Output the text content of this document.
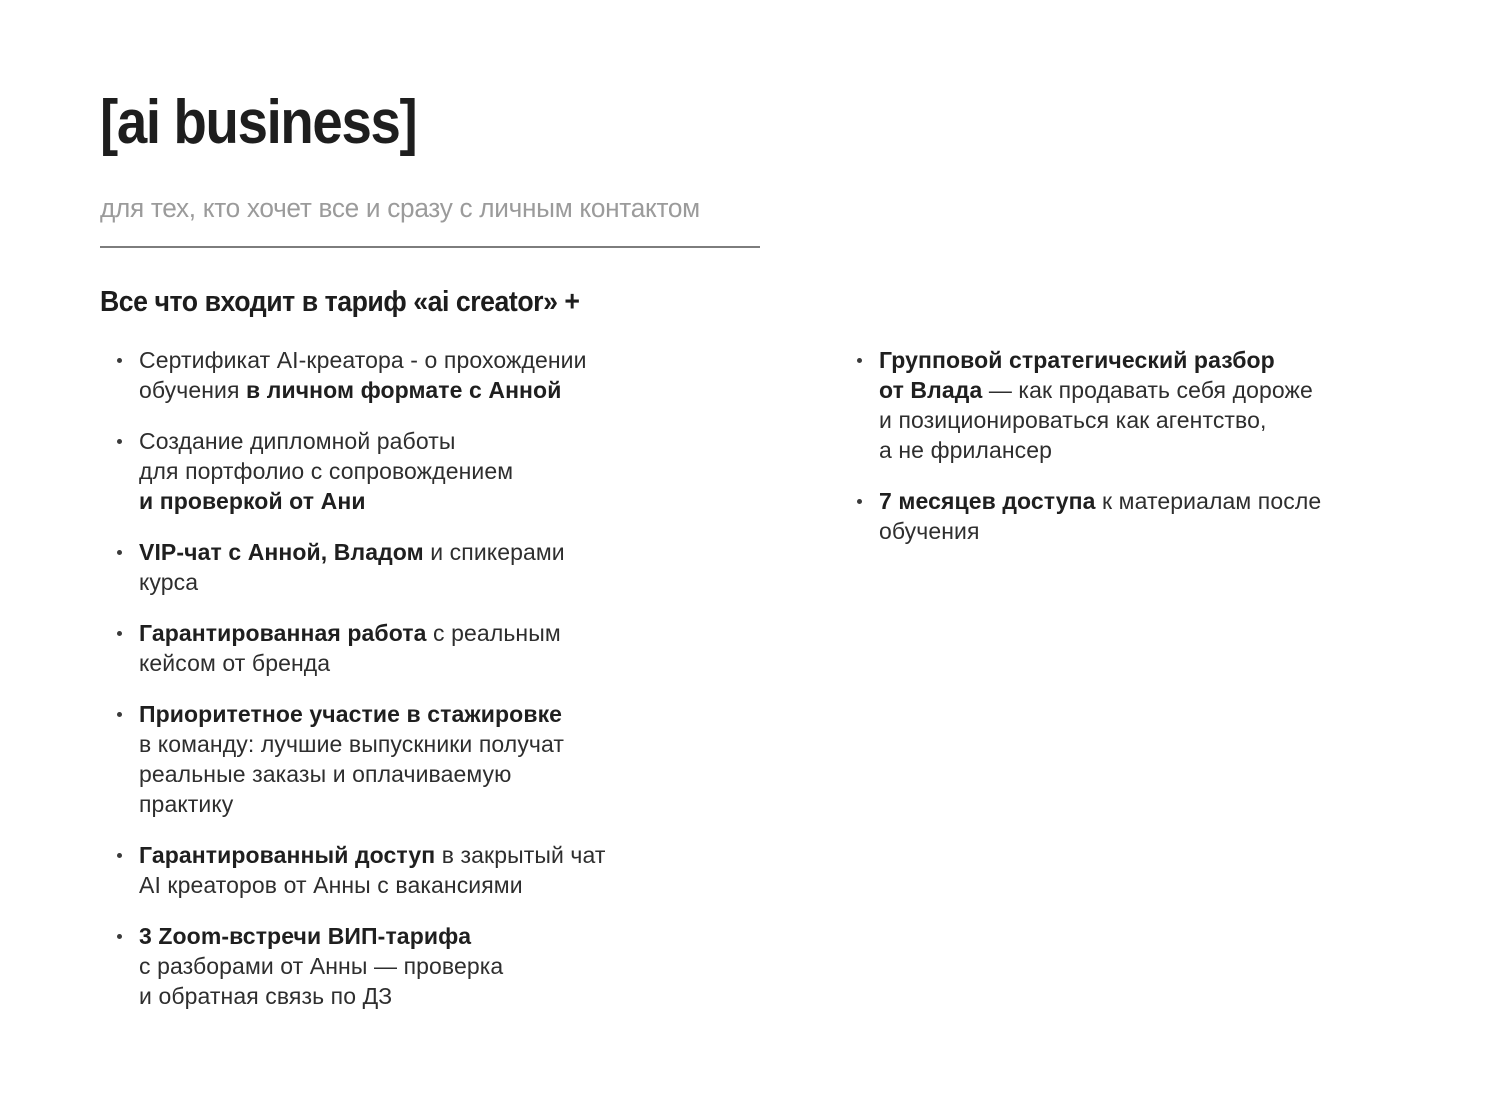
[ai business]

для тех, кто хочет все и сразу с личным контактом

Все что входит в тариф «ai creator» +
Сертификат AI-креатора - о прохождении
обучения в личном формате с Анной
Создание дипломной работы
для портфолио с сопровождением
и проверкой от Ани
VIP-чат с Анной, Владом и спикерами
курса
Гарантированная работа с реальным
кейсом от бренда
Приоритетное участие в стажировке
в команду: лучшие выпускники получат
реальные заказы и оплачиваемую
практику
Гарантированный доступ в закрытый чат
AI креаторов от Анны с вакансиями
3 Zoom-встречи ВИП-тарифа
с разборами от Анны — проверка
и обратная связь по ДЗ
Групповой стратегический разбор
от Влада — как продавать себя дороже
и позиционироваться как агентство,
а не фрилансер
7 месяцев доступа к материалам после
обучения
